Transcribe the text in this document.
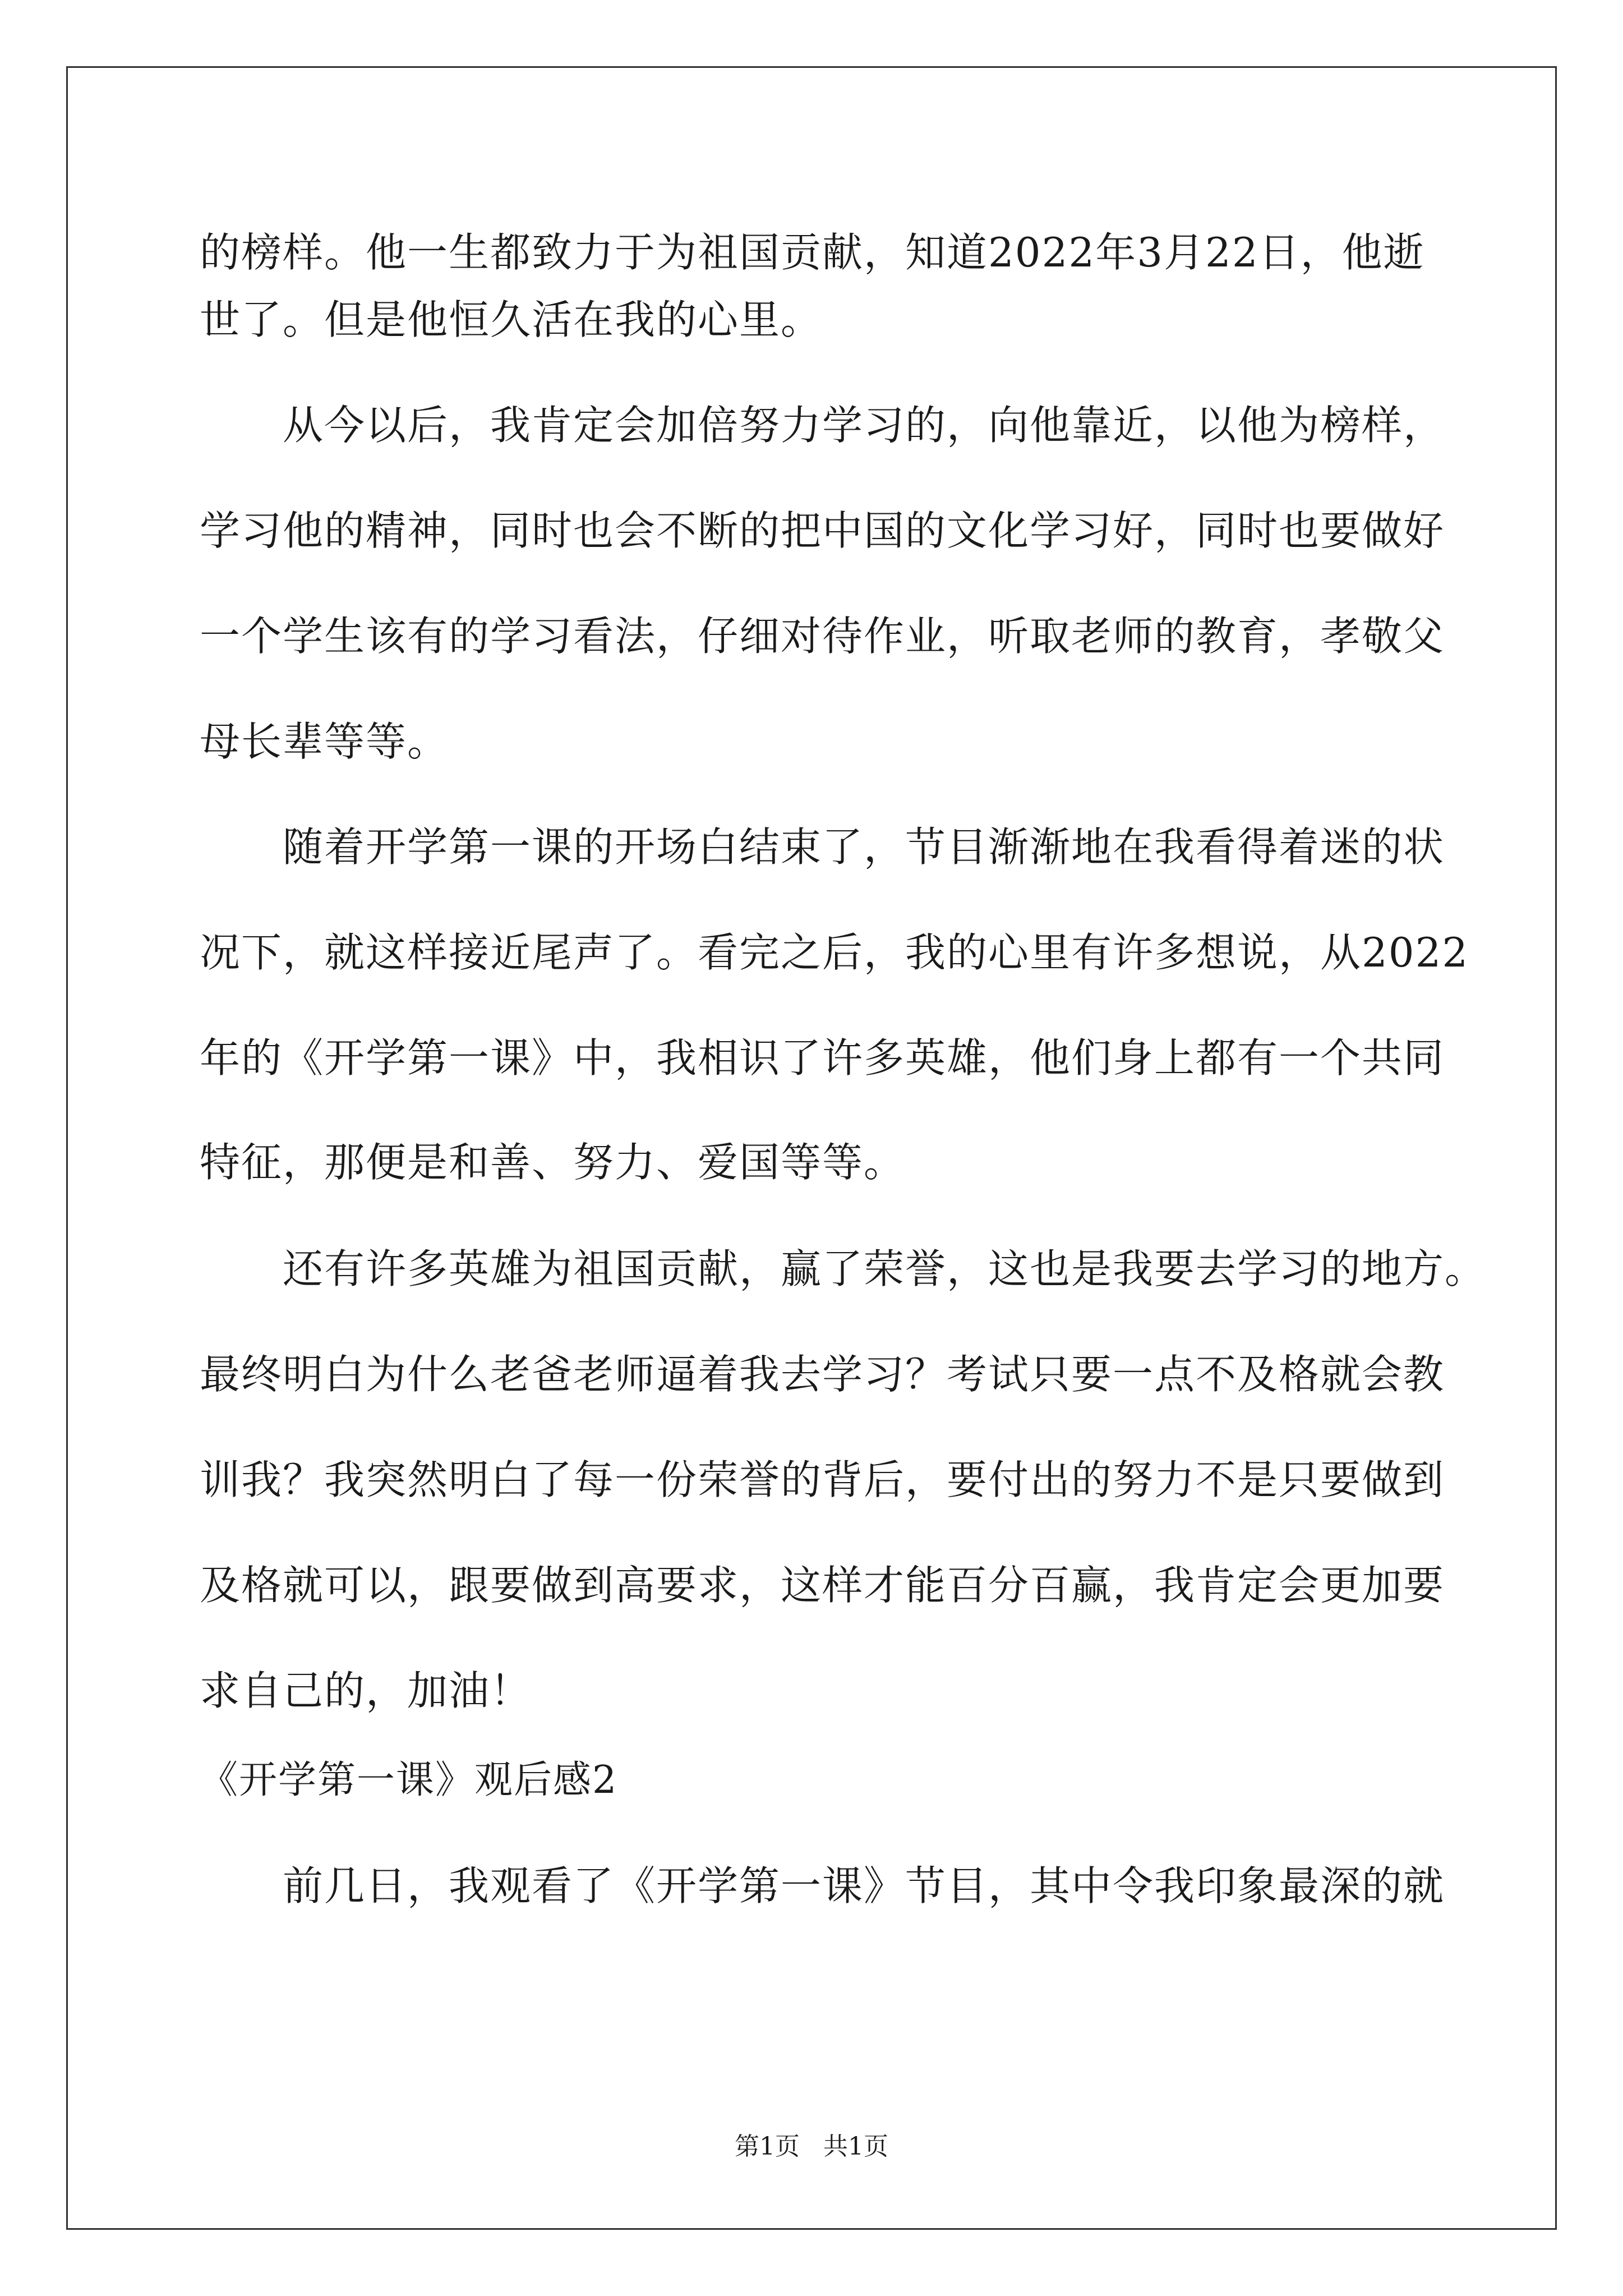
的榜样。他一生都致力于为祖国贡献，知道2022年3月22日，他逝
世了。但是他恒久活在我的心里。
从今以后，我肯定会加倍努力学习的，向他靠近，以他为榜样，
学习他的精神，同时也会不断的把中国的文化学习好，同时也要做好
一个学生该有的学习看法，仔细对待作业，听取老师的教育，孝敬父
母长辈等等。
随着开学第一课的开场白结束了，节目渐渐地在我看得着迷的状
况下，就这样接近尾声了。看完之后，我的心里有许多想说，从2022
年的《开学第一课》中，我相识了许多英雄，他们身上都有一个共同
特征，那便是和善、努力、爱国等等。
还有许多英雄为祖国贡献，赢了荣誉，这也是我要去学习的地方。
最终明白为什么老爸老师逼着我去学习？考试只要一点不及格就会教
训我？我突然明白了每一份荣誉的背后，要付出的努力不是只要做到
及格就可以，跟要做到高要求，这样才能百分百赢，我肯定会更加要
求自己的，加油！
《开学第一课》观后感2
前几日，我观看了《开学第一课》节目，其中令我印象最深的就
第1页   共1页
